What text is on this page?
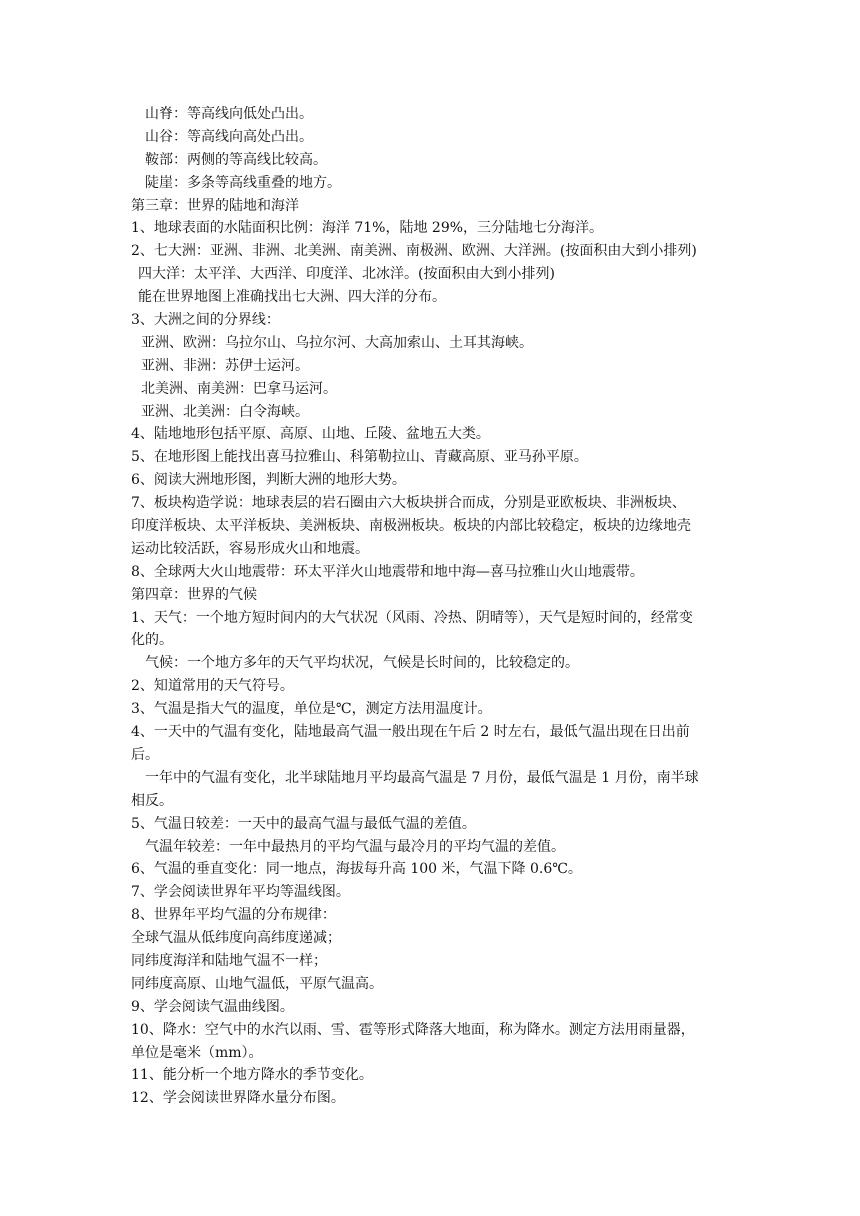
山脊：等高线向低处凸出。
山谷：等高线向高处凸出。
鞍部：两侧的等高线比较高。
陡崖：多条等高线重叠的地方。
第三章：世界的陆地和海洋
1、地球表面的水陆面积比例：海洋 71%，陆地 29%，三分陆地七分海洋。
2、七大洲：亚洲、非洲、北美洲、南美洲、南极洲、欧洲、大洋洲。(按面积由大到小排列)
四大洋：太平洋、大西洋、印度洋、北冰洋。(按面积由大到小排列)
能在世界地图上准确找出七大洲、四大洋的分布。
3、大洲之间的分界线：
亚洲、欧洲：乌拉尔山、乌拉尔河、大高加索山、土耳其海峡。
亚洲、非洲：苏伊士运河。
北美洲、南美洲：巴拿马运河。
亚洲、北美洲：白令海峡。
4、陆地地形包括平原、高原、山地、丘陵、盆地五大类。
5、在地形图上能找出喜马拉雅山、科第勒拉山、青藏高原、亚马孙平原。
6、阅读大洲地形图，判断大洲的地形大势。
7、板块构造学说：地球表层的岩石圈由六大板块拼合而成，分别是亚欧板块、非洲板块、
印度洋板块、太平洋板块、美洲板块、南极洲板块。板块的内部比较稳定，板块的边缘地壳
运动比较活跃，容易形成火山和地震。
8、全球两大火山地震带：环太平洋火山地震带和地中海—喜马拉雅山火山地震带。
第四章：世界的气候
1、天气：一个地方短时间内的大气状况（风雨、冷热、阴晴等），天气是短时间的，经常变
化的。
气候：一个地方多年的天气平均状况，气候是长时间的，比较稳定的。
2、知道常用的天气符号。
3、气温是指大气的温度，单位是℃，测定方法用温度计。
4、一天中的气温有变化，陆地最高气温一般出现在午后 2 时左右，最低气温出现在日出前
后。
一年中的气温有变化，北半球陆地月平均最高气温是 7 月份，最低气温是 1 月份，南半球
相反。
5、气温日较差：一天中的最高气温与最低气温的差值。
气温年较差：一年中最热月的平均气温与最冷月的平均气温的差值。
6、气温的垂直变化：同一地点，海拔每升高 100 米，气温下降 0.6℃。
7、学会阅读世界年平均等温线图。
8、世界年平均气温的分布规律：
全球气温从低纬度向高纬度递减；
同纬度海洋和陆地气温不一样；
同纬度高原、山地气温低，平原气温高。
9、学会阅读气温曲线图。
10、降水：空气中的水汽以雨、雪、雹等形式降落大地面，称为降水。测定方法用雨量器，
单位是毫米（mm）。
11、能分析一个地方降水的季节变化。
12、学会阅读世界降水量分布图。
